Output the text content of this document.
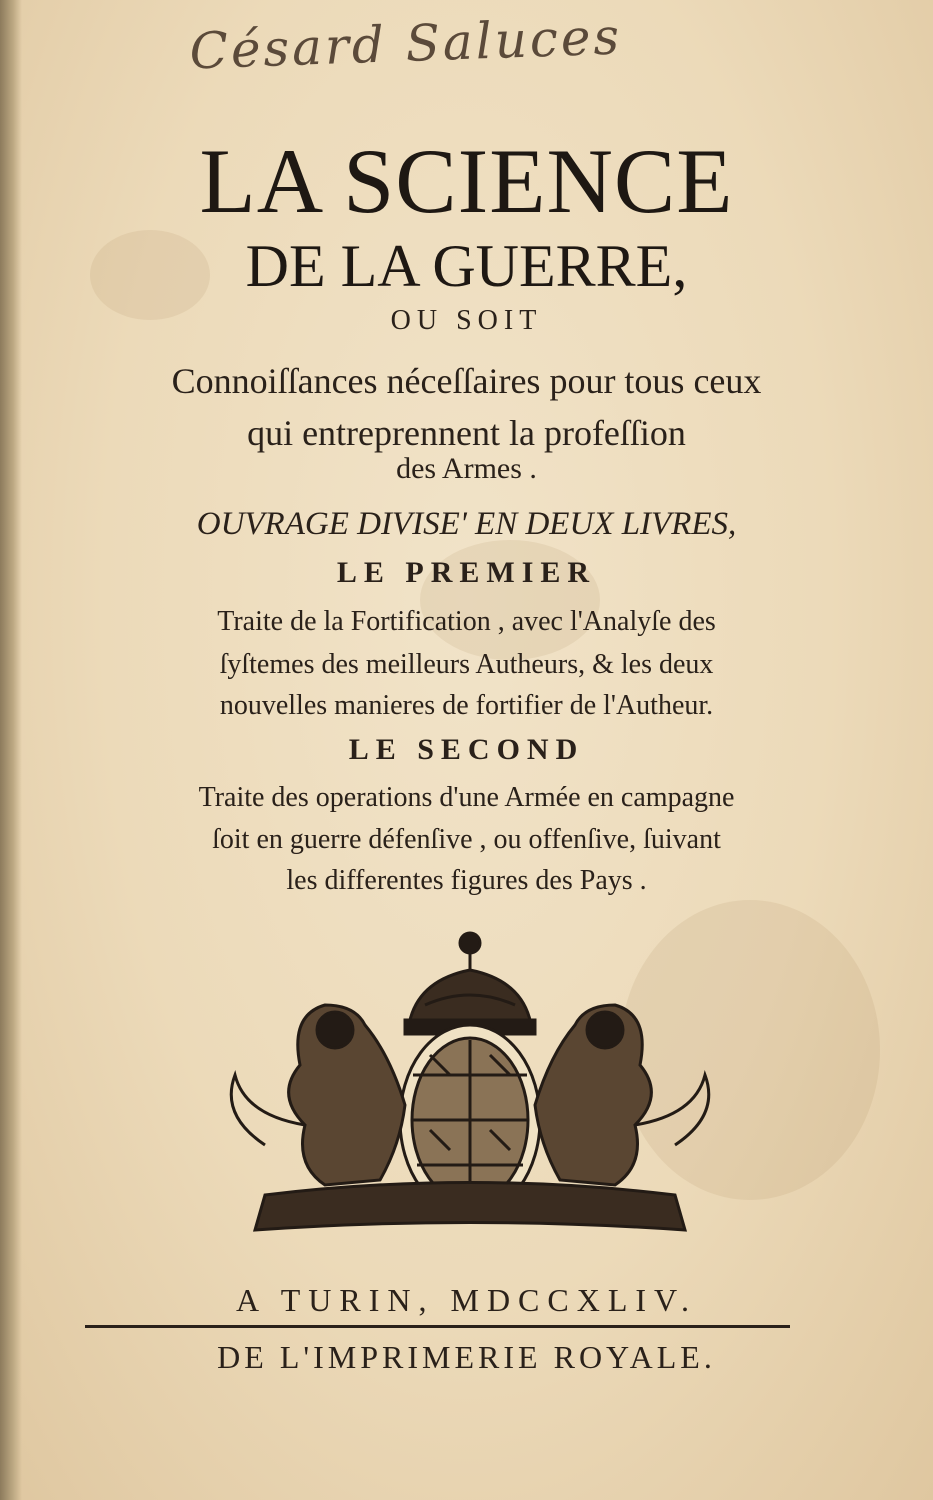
Césard Saluces
LA SCIENCE
DE LA GUERRE,
OU SOIT
Connoiſſances néceſſaires pour tous ceux
qui entreprennent la profeſſion
des Armes .
OUVRAGE DIVISE' EN DEUX LIVRES,
LE PREMIER
Traite de la Fortification , avec l'Analyſe des
ſyſtemes des meilleurs Autheurs, & les deux
nouvelles manieres de fortifier de l'Autheur.
LE SECOND
Traite des operations d'une Armée en campagne
ſoit en guerre défenſive , ou offenſive, ſuivant
les differentes figures des Pays .
A TURIN, MDCCXLIV.
DE L'IMPRIMERIE ROYALE.
